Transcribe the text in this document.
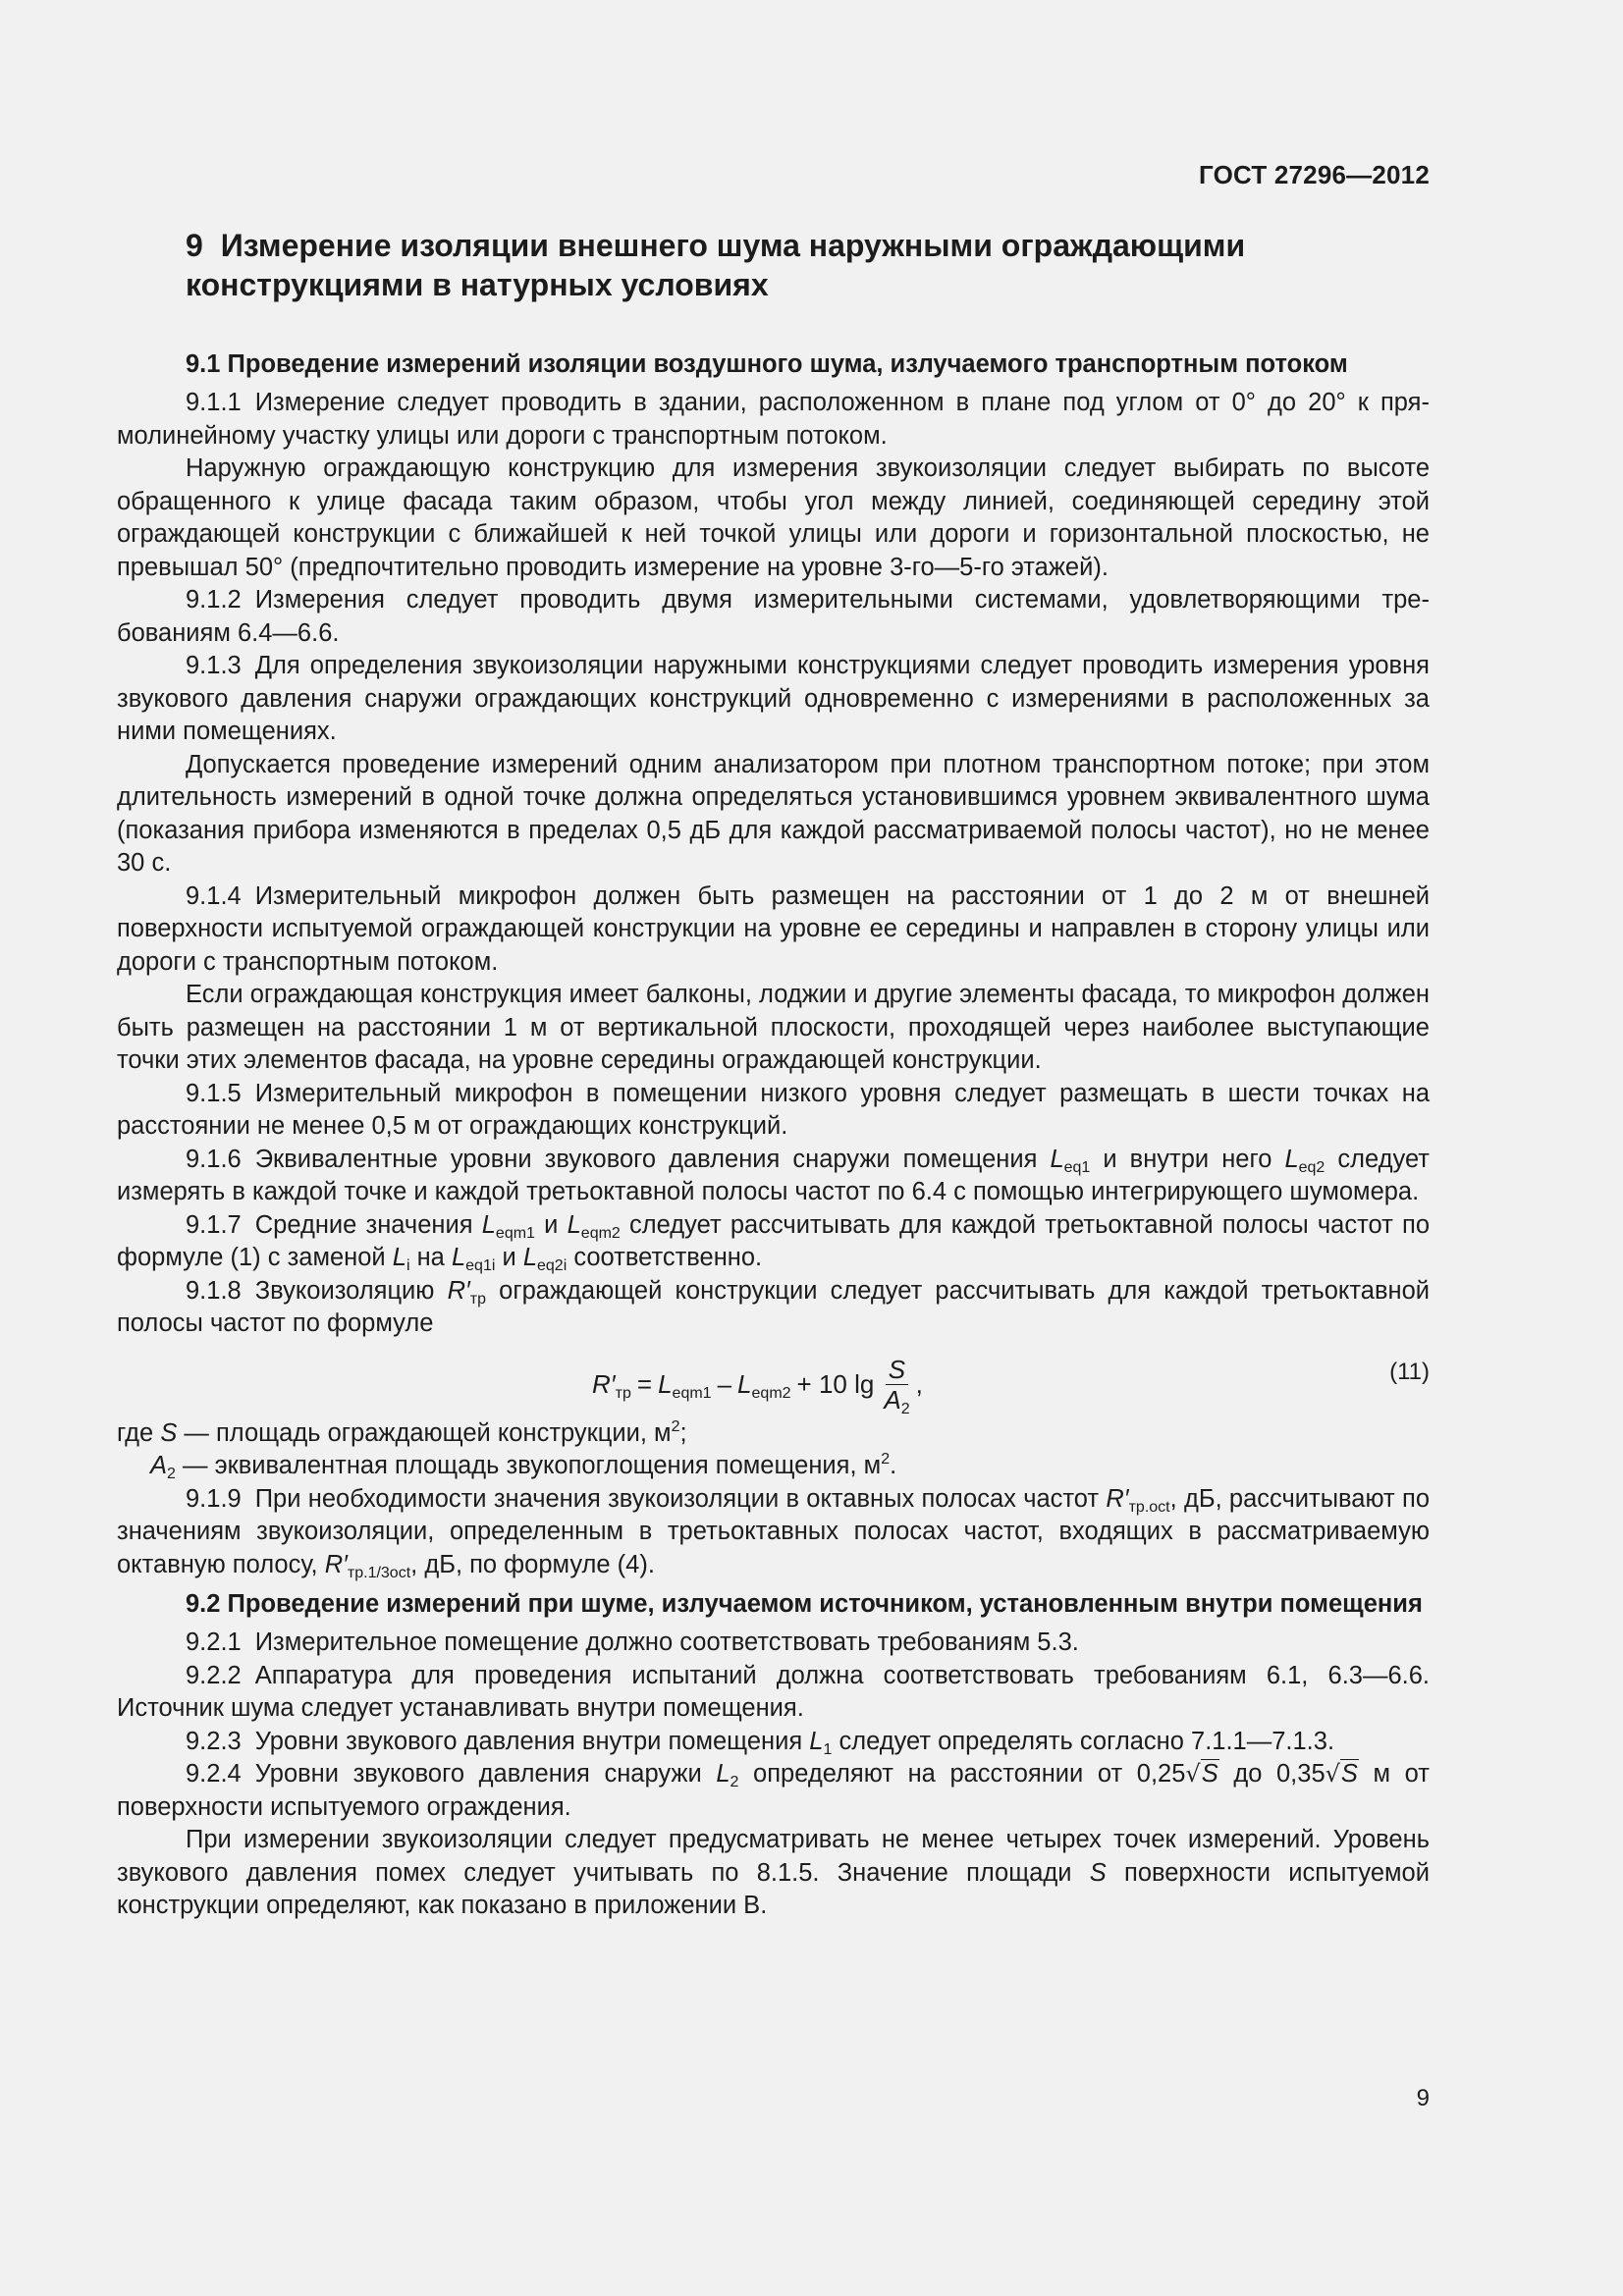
ГОСТ 27296—2012
9 Измерение изоляции внешнего шума наружными ограждающими конструкциями в натурных условиях
9.1 Проведение измерений изоляции воздушного шума, излучаемого транспортным потоком

9.1.1 Измерение следует проводить в здании, расположенном в плане под углом от 0° до 20° к прямолинейному участку улицы или дороги с транспортным потоком.

Наружную ограждающую конструкцию для измерения звукоизоляции следует выбирать по высоте обращенного к улице фасада таким образом, чтобы угол между линией, соединяющей середину этой ограждающей конструкции с ближайшей к ней точкой улицы или дороги и горизонтальной плоскостью, не превышал 50° (предпочтительно проводить измерение на уровне 3-го—5-го этажей).

9.1.2 Измерения следует проводить двумя измерительными системами, удовлетворяющими требованиям 6.4—6.6.

9.1.3 Для определения звукоизоляции наружными конструкциями следует проводить измерения уровня звукового давления снаружи ограждающих конструкций одновременно с измерениями в расположенных за ними помещениях.

Допускается проведение измерений одним анализатором при плотном транспортном потоке; при этом длительность измерений в одной точке должна определяться установившимся уровнем эквивалентного шума (показания прибора изменяются в пределах 0,5 дБ для каждой рассматриваемой полосы частот), но не менее 30 с.

9.1.4 Измерительный микрофон должен быть размещен на расстоянии от 1 до 2 м от внешней поверхности испытуемой ограждающей конструкции на уровне ее середины и направлен в сторону улицы или дороги с транспортным потоком.

Если ограждающая конструкция имеет балконы, лоджии и другие элементы фасада, то микрофон должен быть размещен на расстоянии 1 м от вертикальной плоскости, проходящей через наиболее выступающие точки этих элементов фасада, на уровне середины ограждающей конструкции.

9.1.5 Измерительный микрофон в помещении низкого уровня следует размещать в шести точках на расстоянии не менее 0,5 м от ограждающих конструкций.

9.1.6 Эквивалентные уровни звукового давления снаружи помещения $L_{eq1}$ и внутри него $L_{eq2}$ следует измерять в каждой точке и каждой третьоктавной полосы частот по 6.4 с помощью интегрирующего шумомера.

9.1.7 Средние значения $L_{eqm1}$ и $L_{eqm2}$ следует рассчитывать для каждой третьоктавной полосы частот по формуле (1) с заменой $L_i$ на $L_{eq1i}$ и $L_{eq2i}$ соответственно.

9.1.8 Звукоизоляцию $R'_{тр}$ ограждающей конструкции следует рассчитывать для каждой третьоктавной полосы частот по формуле

$R'_{тр} = L_{eqm1} - L_{eqm2} + 10$ $\lg \frac{S}{A_2}$ ,	(11)

где S — площадь ограждающей конструкции, $м^2$;

$A_2$ — эквивалентная площадь звукопоглощения помещения, $м^2$.

9.1.9 При необходимости значения звукоизоляции в октавных полосах частот $R'_{тр.oct}$, дБ, рассчитывают по значениям звукоизоляции, определенным в третьоктавных полосах частот, входящих в рассматриваемую октавную полосу, $R'_{тр.1/3oct}$, дБ, по формуле (4).

9.2 Проведение измерений при шуме, излучаемом источником, установленным внутри помещения

9.2.1 Измерительное помещение должно соответствовать требованиям 5.3.

9.2.2 Аппаратура для проведения испытаний должна соответствовать требованиям 6.1, 6.3—6.6. Источник шума следует устанавливать внутри помещения.

9.2.3 Уровни звукового давления внутри помещения $L_1$ следует определять согласно 7.1.1—7.1.3.

9.2.4 Уровни звукового давления снаружи $L_2$ определяют на расстоянии от 0,25√S до 0,35√S м от поверхности испытуемого ограждения.

При измерении звукоизоляции следует предусматривать не менее четырех точек измерений. Уровень звукового давления помех следует учитывать по 8.1.5. Значение площади S поверхности испытуемой конструкции определяют, как показано в приложении В.

9
